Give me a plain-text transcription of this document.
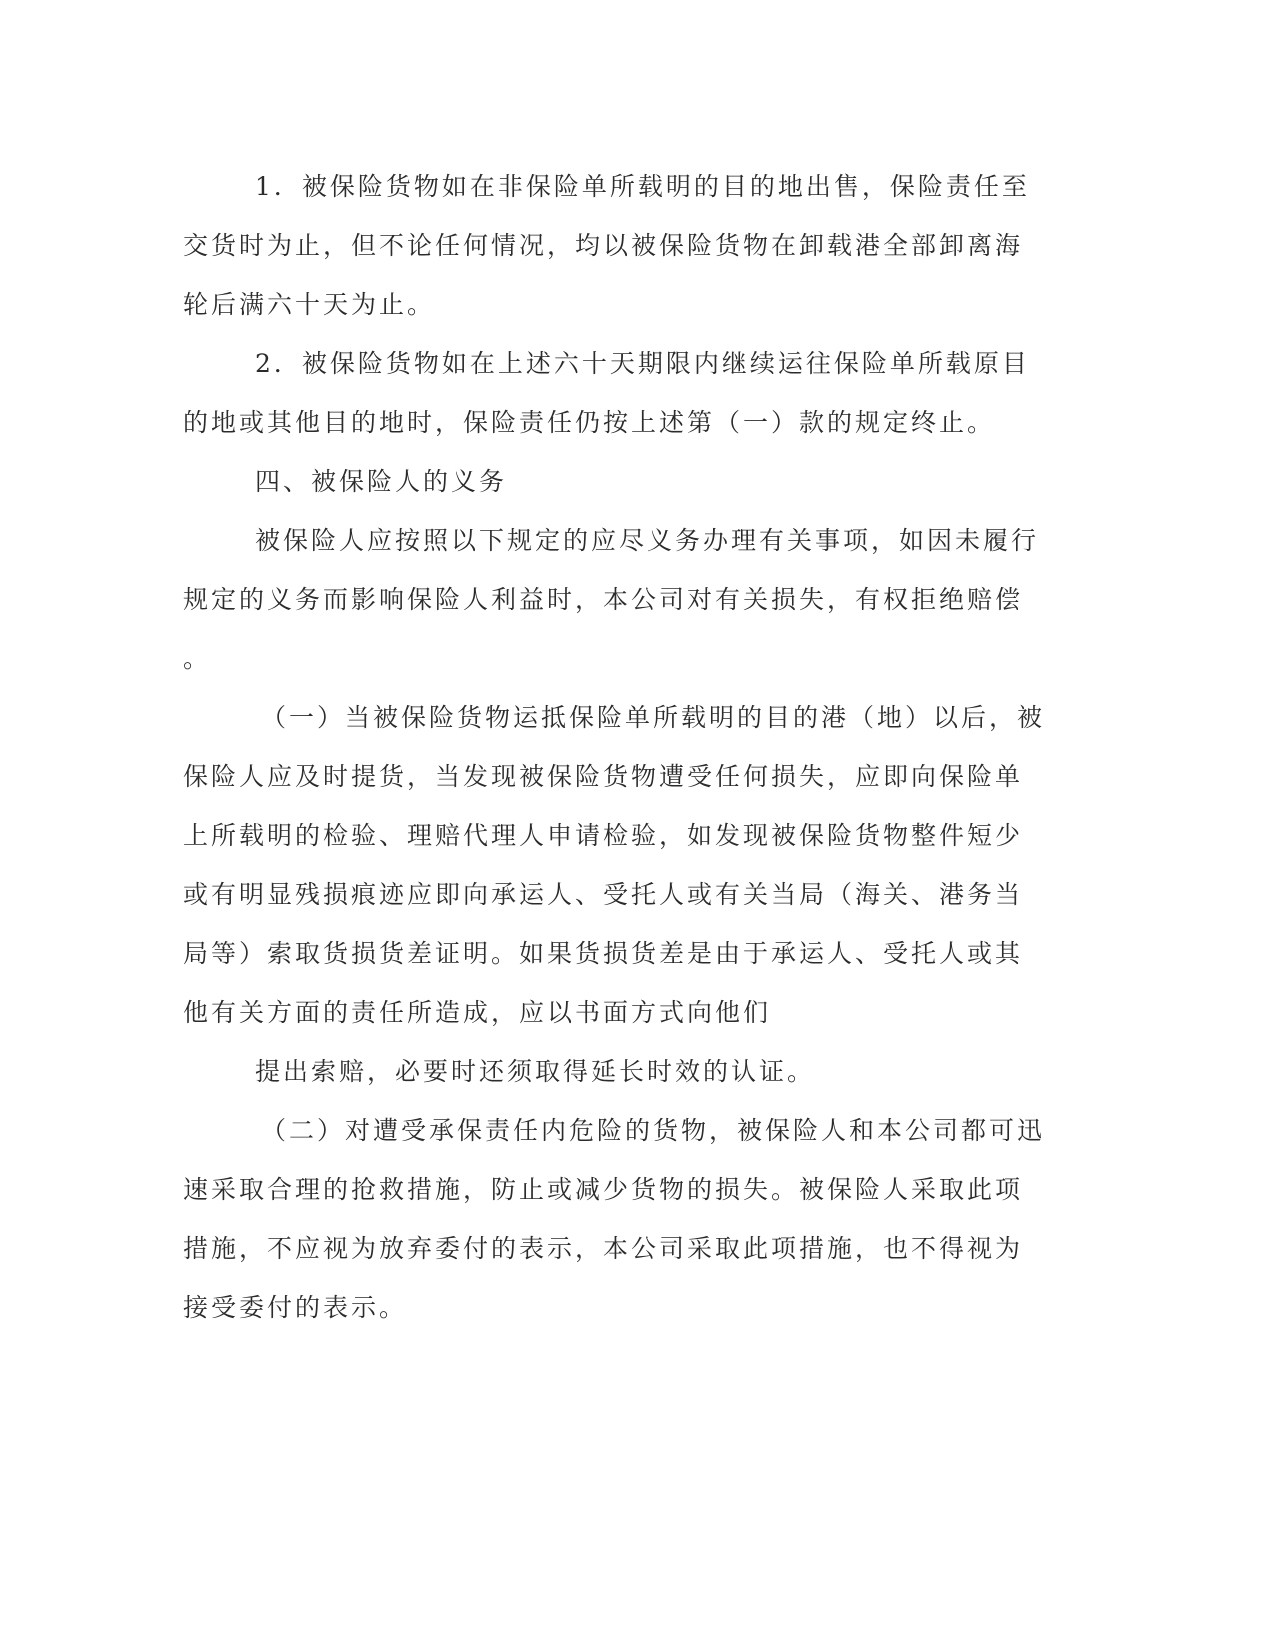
1．被保险货物如在非保险单所载明的目的地出售，保险责任至
交货时为止，但不论任何情况，均以被保险货物在卸载港全部卸离海
轮后满六十天为止。
2．被保险货物如在上述六十天期限内继续运往保险单所载原目
的地或其他目的地时，保险责任仍按上述第（一）款的规定终止。
四、被保险人的义务
被保险人应按照以下规定的应尽义务办理有关事项，如因未履行
规定的义务而影响保险人利益时，本公司对有关损失，有权拒绝赔偿
。
（一）当被保险货物运抵保险单所载明的目的港（地）以后，被
保险人应及时提货，当发现被保险货物遭受任何损失，应即向保险单
上所载明的检验、理赔代理人申请检验，如发现被保险货物整件短少
或有明显残损痕迹应即向承运人、受托人或有关当局（海关、港务当
局等）索取货损货差证明。如果货损货差是由于承运人、受托人或其
他有关方面的责任所造成，应以书面方式向他们
提出索赔，必要时还须取得延长时效的认证。
（二）对遭受承保责任内危险的货物，被保险人和本公司都可迅
速采取合理的抢救措施，防止或减少货物的损失。被保险人采取此项
措施，不应视为放弃委付的表示，本公司采取此项措施，也不得视为
接受委付的表示。
